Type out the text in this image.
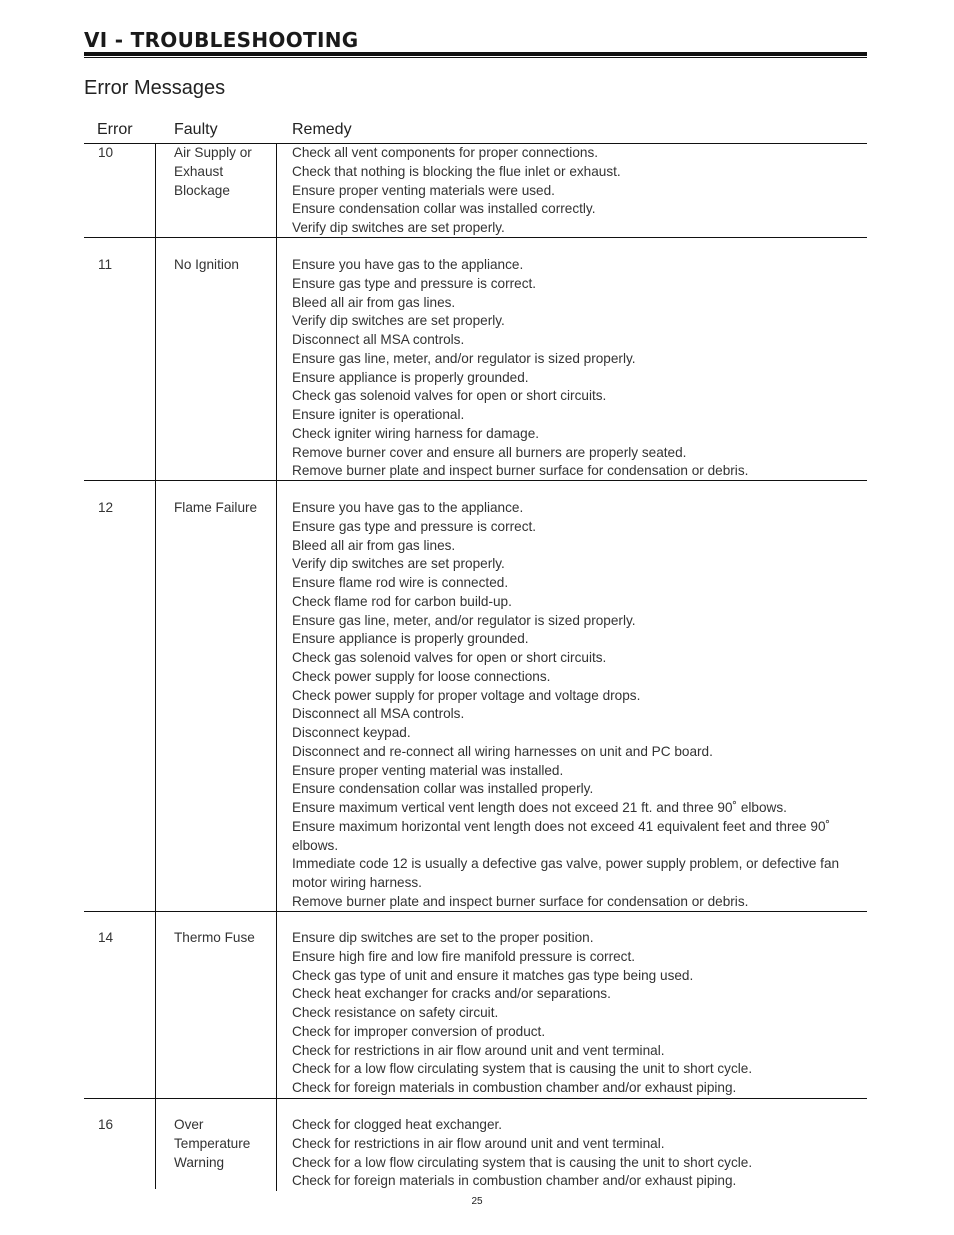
VI - TROUBLESHOOTING
Error Messages
Error	Faulty	Remedy
10	Air Supply or Exhaust Blockage
Check all vent components for proper connections.
Check that nothing is blocking the flue inlet or exhaust.
Ensure proper venting materials were used.
Ensure condensation collar was installed correctly.
Verify dip switches are set properly.
11	No Ignition	Ensure you have gas to the appliance.
Ensure gas type and pressure is correct.
Bleed all air from gas lines.
Verify dip switches are set properly.
Disconnect all MSA controls.
Ensure gas line, meter, and/or regulator is sized properly.
Ensure appliance is properly grounded.
Check gas solenoid valves for open or short circuits.
Ensure igniter is operational.
Check igniter wiring harness for damage.
Remove burner cover and ensure all burners are properly seated.
Remove burner plate and inspect burner surface for condensation or debris.
12	Flame Failure	Ensure you have gas to the appliance.
Ensure gas type and pressure is correct.
Bleed all air from gas lines.
Verify dip switches are set properly.
Ensure flame rod wire is connected.
Check flame rod for carbon build-up.
Ensure gas line, meter, and/or regulator is sized properly.
Ensure appliance is properly grounded.
Check gas solenoid valves for open or short circuits.
Check power supply for loose connections.
Check power supply for proper voltage and voltage drops.
Disconnect all MSA controls.
Disconnect keypad.
Disconnect and re-connect all wiring harnesses on unit and PC board.
Ensure proper venting material was installed.
Ensure condensation collar was installed properly.
Ensure maximum vertical vent length does not exceed 21 ft. and three 90˚ elbows.
Ensure maximum horizontal vent length does not exceed 41 equivalent feet and three 90˚ elbows.
Immediate code 12 is usually a defective gas valve, power supply problem, or defective fan motor wiring harness.
Remove burner plate and inspect burner surface for condensation or debris.
14	Thermo Fuse	Ensure dip switches are set to the proper position.
Ensure high fire and low fire manifold pressure is correct.
Check gas type of unit and ensure it matches gas type being used.
Check heat exchanger for cracks and/or separations.
Check resistance on safety circuit.
Check for improper conversion of product.
Check for restrictions in air flow around unit and vent terminal.
Check for a low flow circulating system that is causing the unit to short cycle.
Check for foreign materials in combustion chamber and/or exhaust piping.
16	Over Temperature Warning
Check for clogged heat exchanger.
Check for restrictions in air flow around unit and vent terminal.
Check for a low flow circulating system that is causing the unit to short cycle.
Check for foreign materials in combustion chamber and/or exhaust piping.
25
